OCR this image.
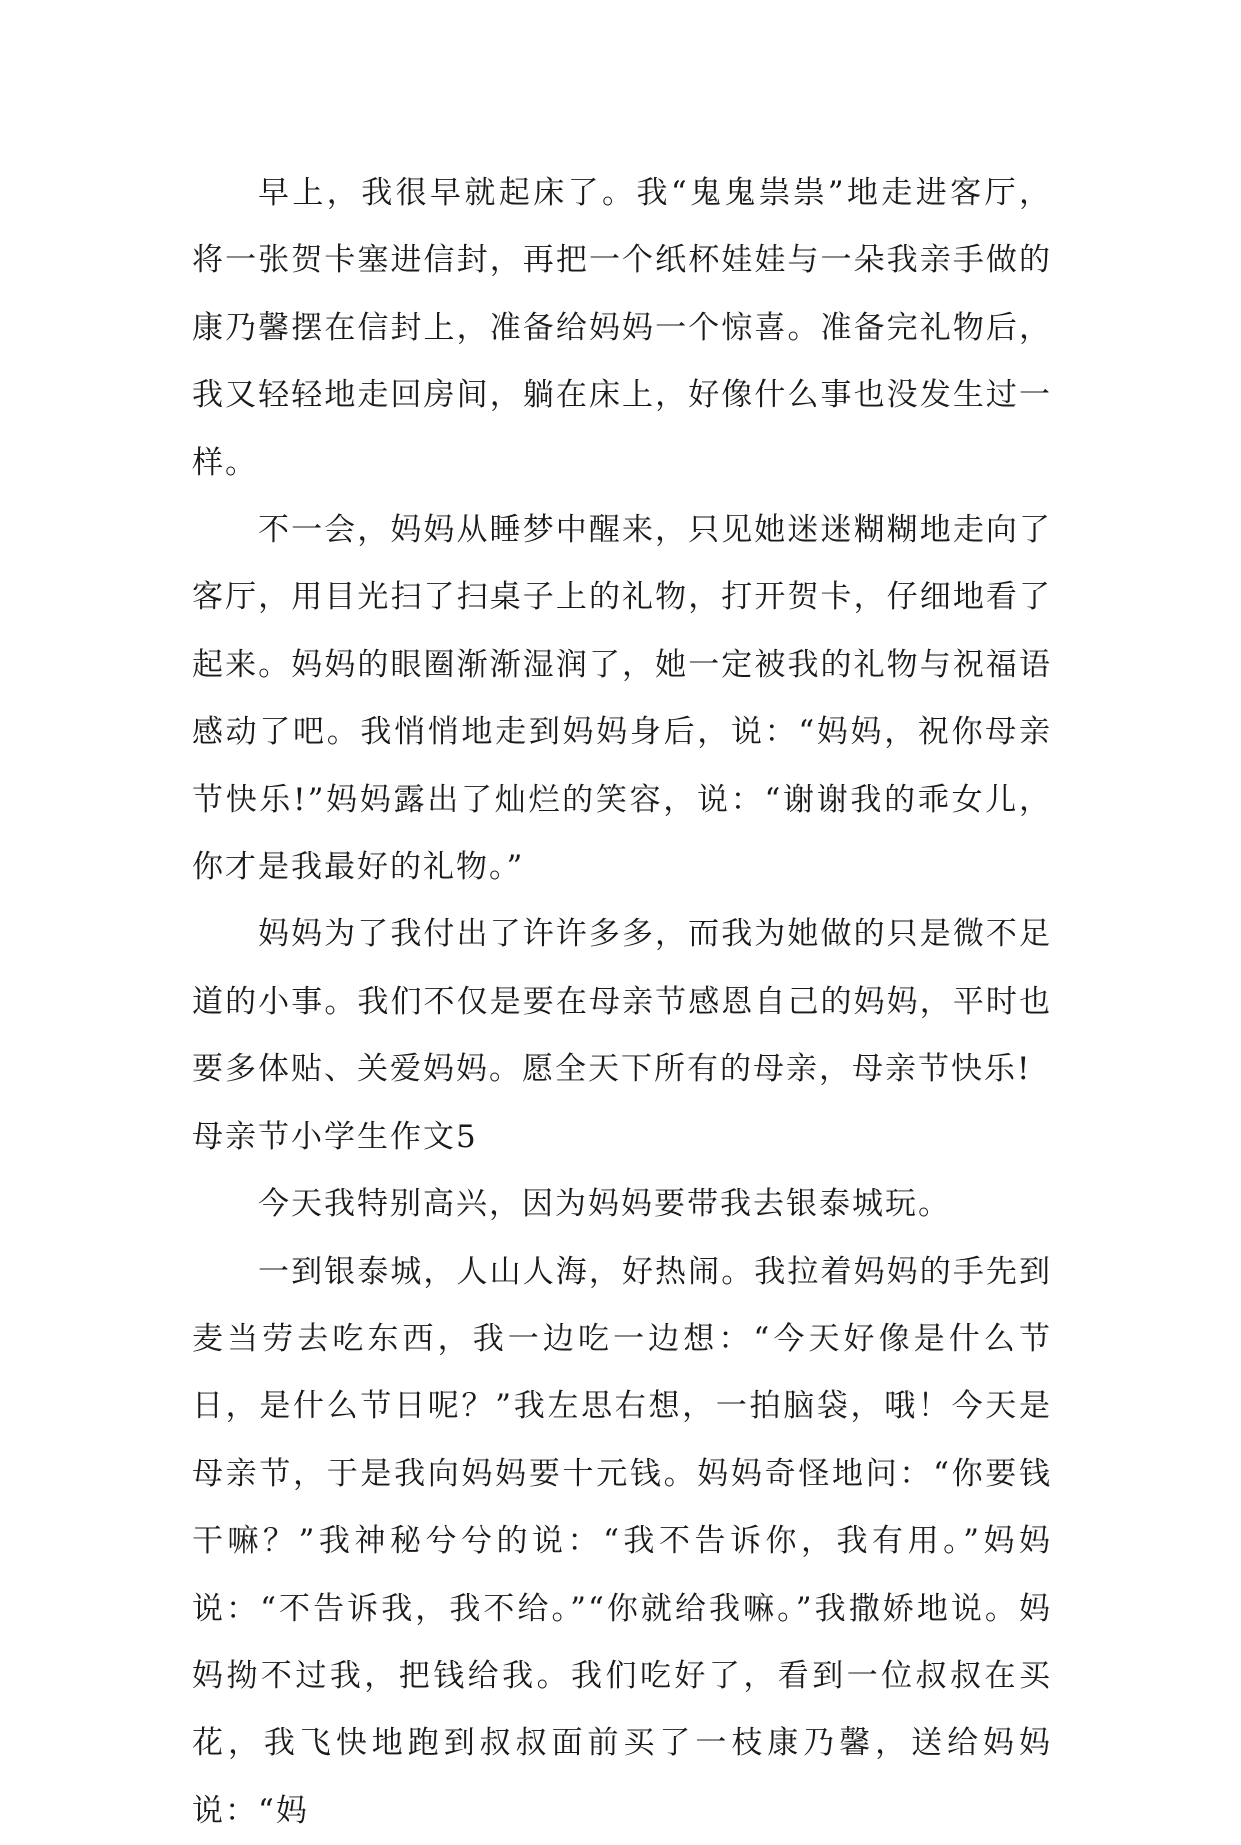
早上，我很早就起床了。我“鬼鬼祟祟”地走进客厅，将一张贺卡塞进信封，再把一个纸杯娃娃与一朵我亲手做的康乃馨摆在信封上，准备给妈妈一个惊喜。准备完礼物后，我又轻轻地走回房间，躺在床上，好像什么事也没发生过一样。

不一会，妈妈从睡梦中醒来，只见她迷迷糊糊地走向了客厅，用目光扫了扫桌子上的礼物，打开贺卡，仔细地看了起来。妈妈的眼圈渐渐湿润了，她一定被我的礼物与祝福语感动了吧。我悄悄地走到妈妈身后，说：“妈妈，祝你母亲节快乐!”妈妈露出了灿烂的笑容，说：“谢谢我的乖女儿，你才是我最好的礼物。”

妈妈为了我付出了许许多多，而我为她做的只是微不足道的小事。我们不仅是要在母亲节感恩自己的妈妈，平时也要多体贴、关爱妈妈。愿全天下所有的母亲，母亲节快乐!

母亲节小学生作文5

今天我特别高兴，因为妈妈要带我去银泰城玩。

一到银泰城，人山人海，好热闹。我拉着妈妈的手先到麦当劳去吃东西，我一边吃一边想：“今天好像是什么节日，是什么节日呢？”我左思右想，一拍脑袋，哦！今天是母亲节，于是我向妈妈要十元钱。妈妈奇怪地问：“你要钱干嘛？”我神秘兮兮的说：“我不告诉你，我有用。”妈妈说：“不告诉我，我不给。”“你就给我嘛。”我撒娇地说。妈妈拗不过我，把钱给我。我们吃好了，看到一位叔叔在买花，我飞快地跑到叔叔面前买了一枝康乃馨，送给妈妈说：“妈
